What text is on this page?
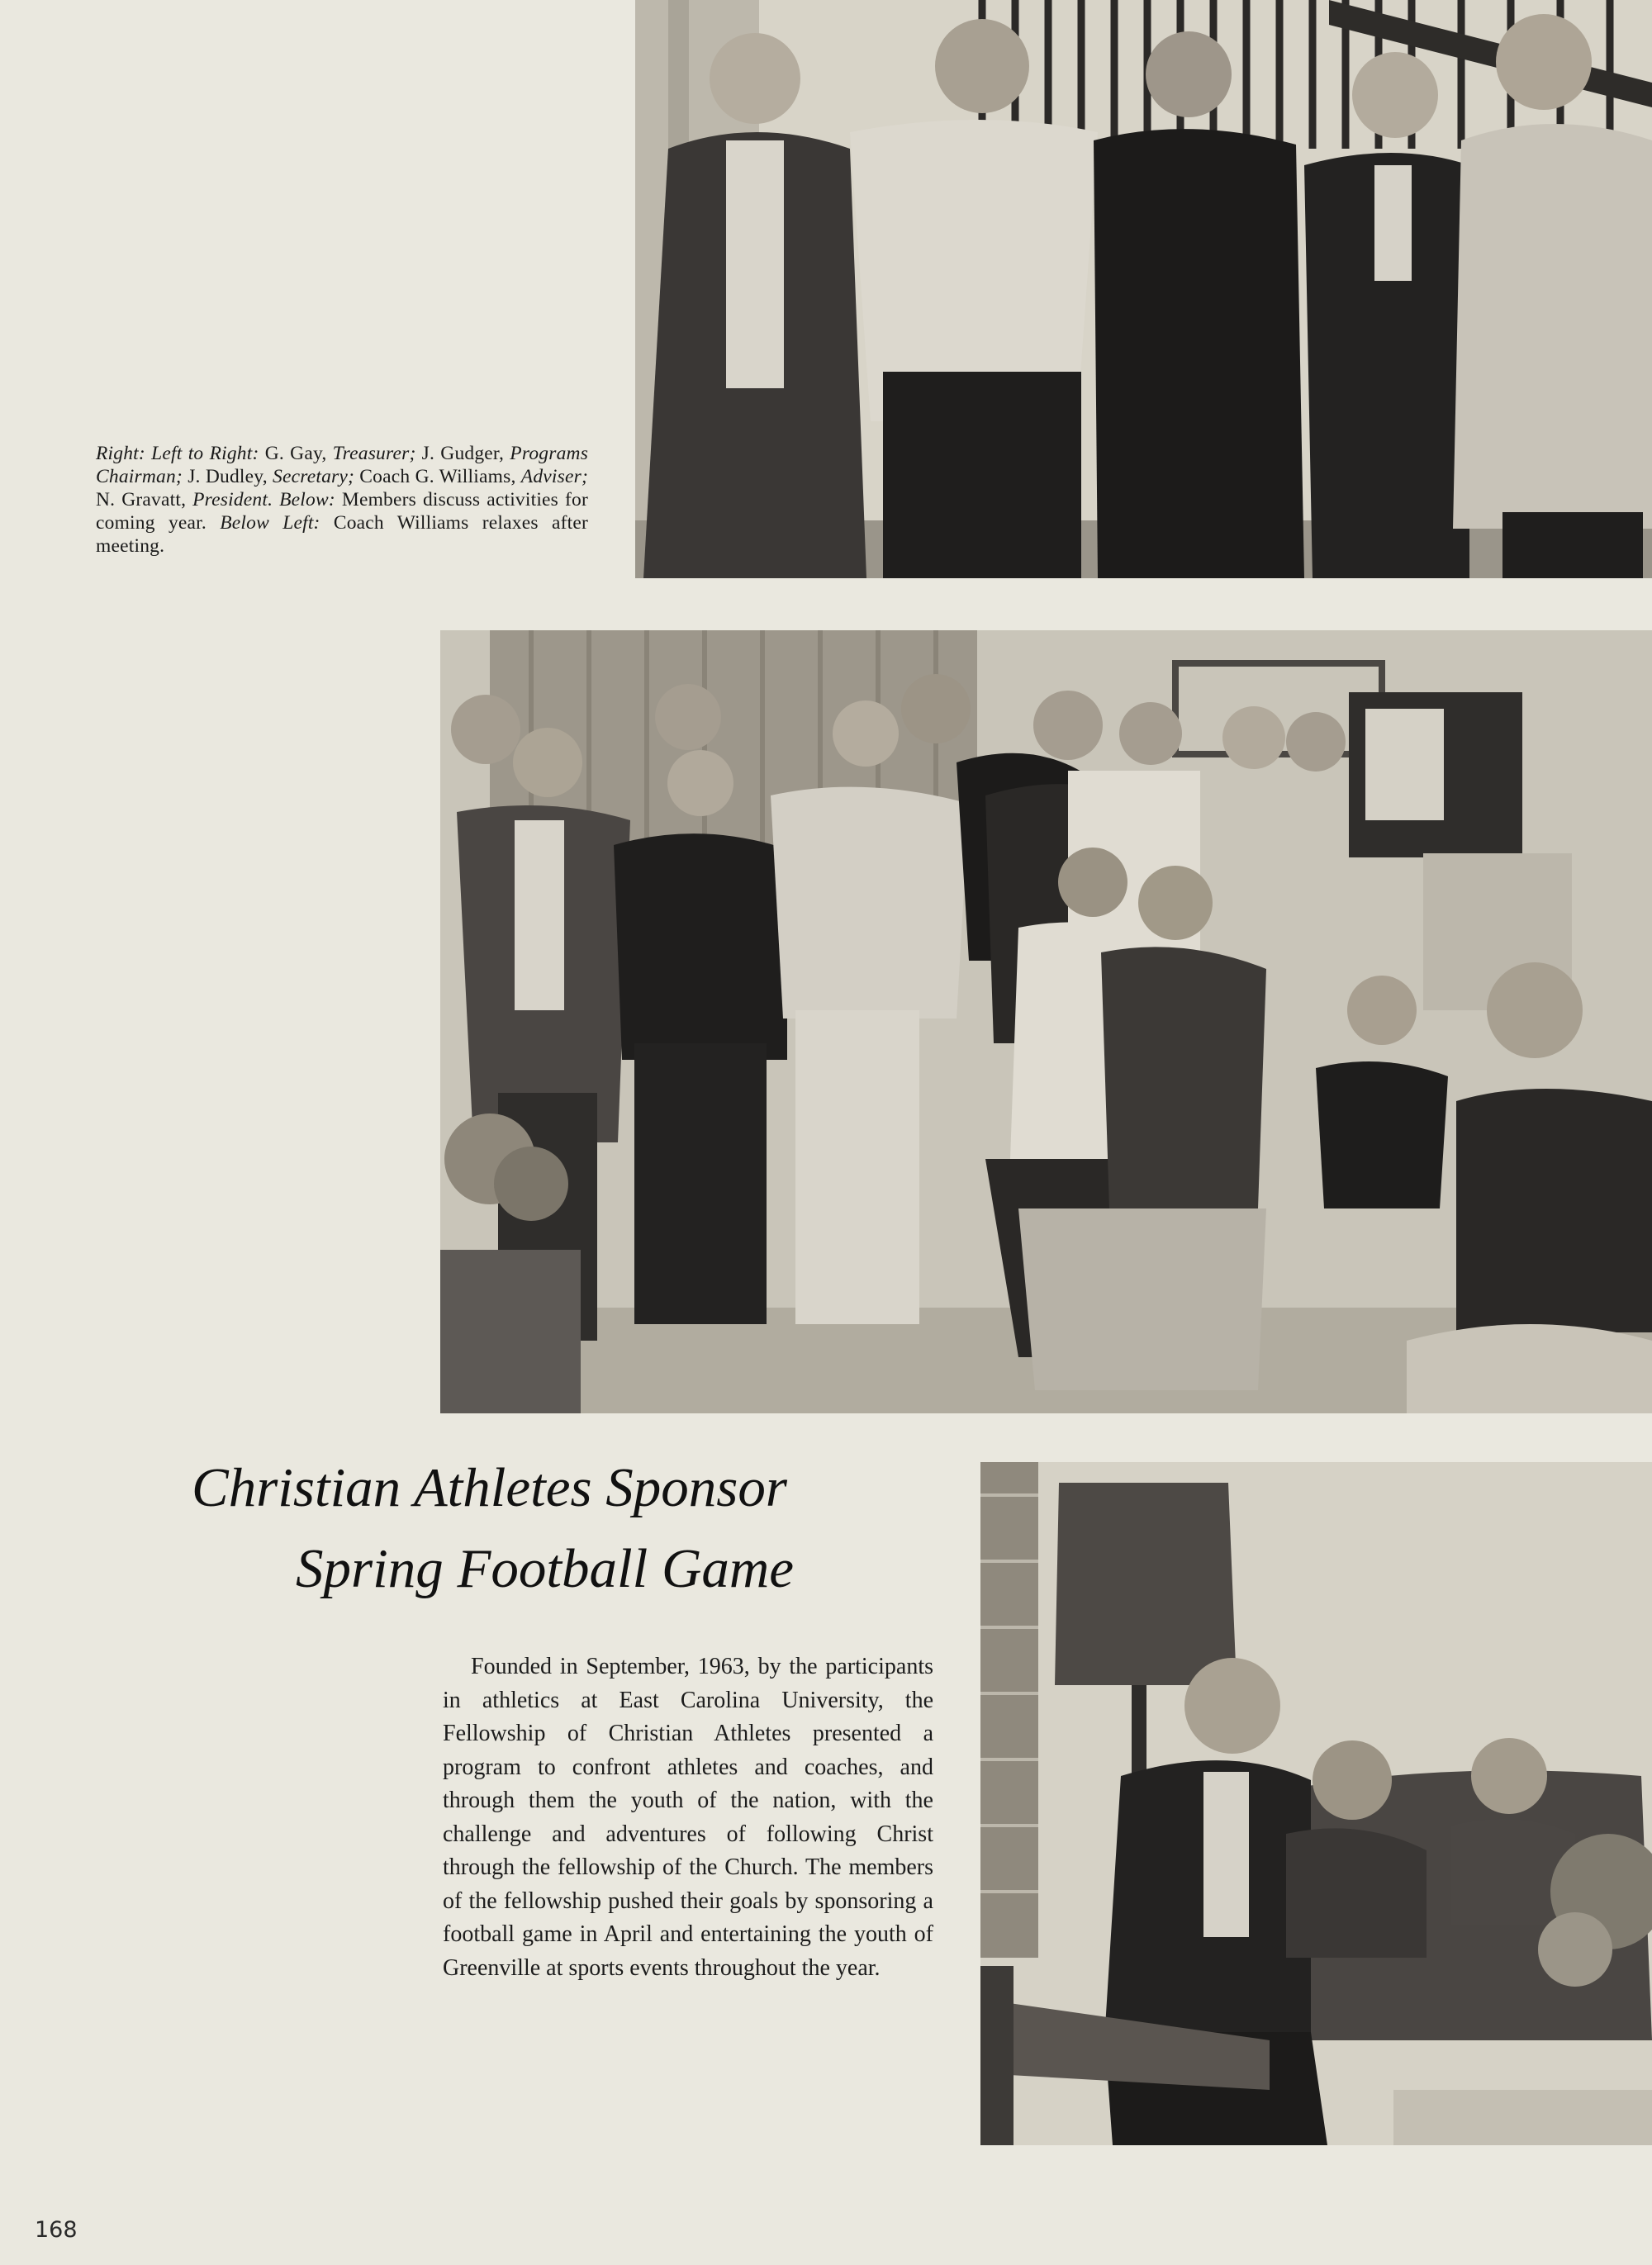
Right: Left to Right: G. Gay, Treasurer; J. Gudger, Programs Chairman; J. Dudley, Secretary; Coach G. Williams, Adviser; N. Gravatt, President. Below: Members discuss activities for coming year. Below Left: Coach Williams relaxes after meeting.
Christian Athletes Sponsor
Spring Football Game
Founded in September, 1963, by the participants in athletics at East Carolina University, the Fellowship of Christian Athletes presented a program to confront athletes and coaches, and through them the youth of the nation, with the challenge and adventures of following Christ through the fellowship of the Church. The members of the fellowship pushed their goals by sponsoring a football game in April and entertaining the youth of Greenville at sports events throughout the year.
168
